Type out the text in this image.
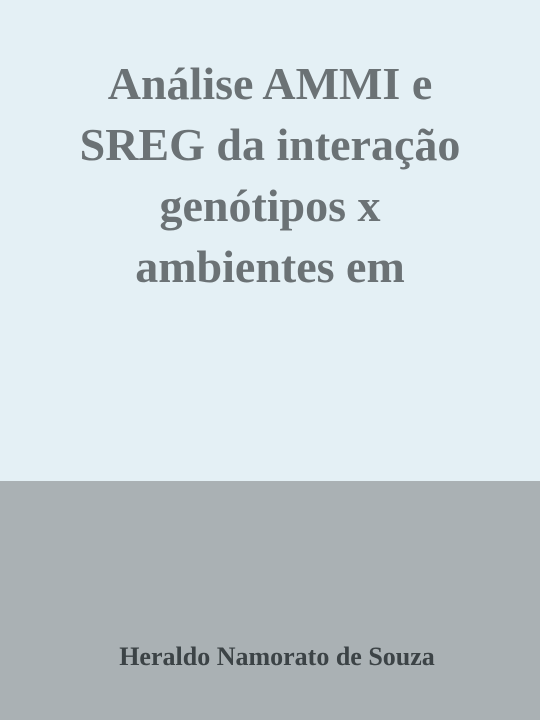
Análise AMMI e
SREG da interação
genótipos x
ambientes em

Heraldo Namorato de Souza
